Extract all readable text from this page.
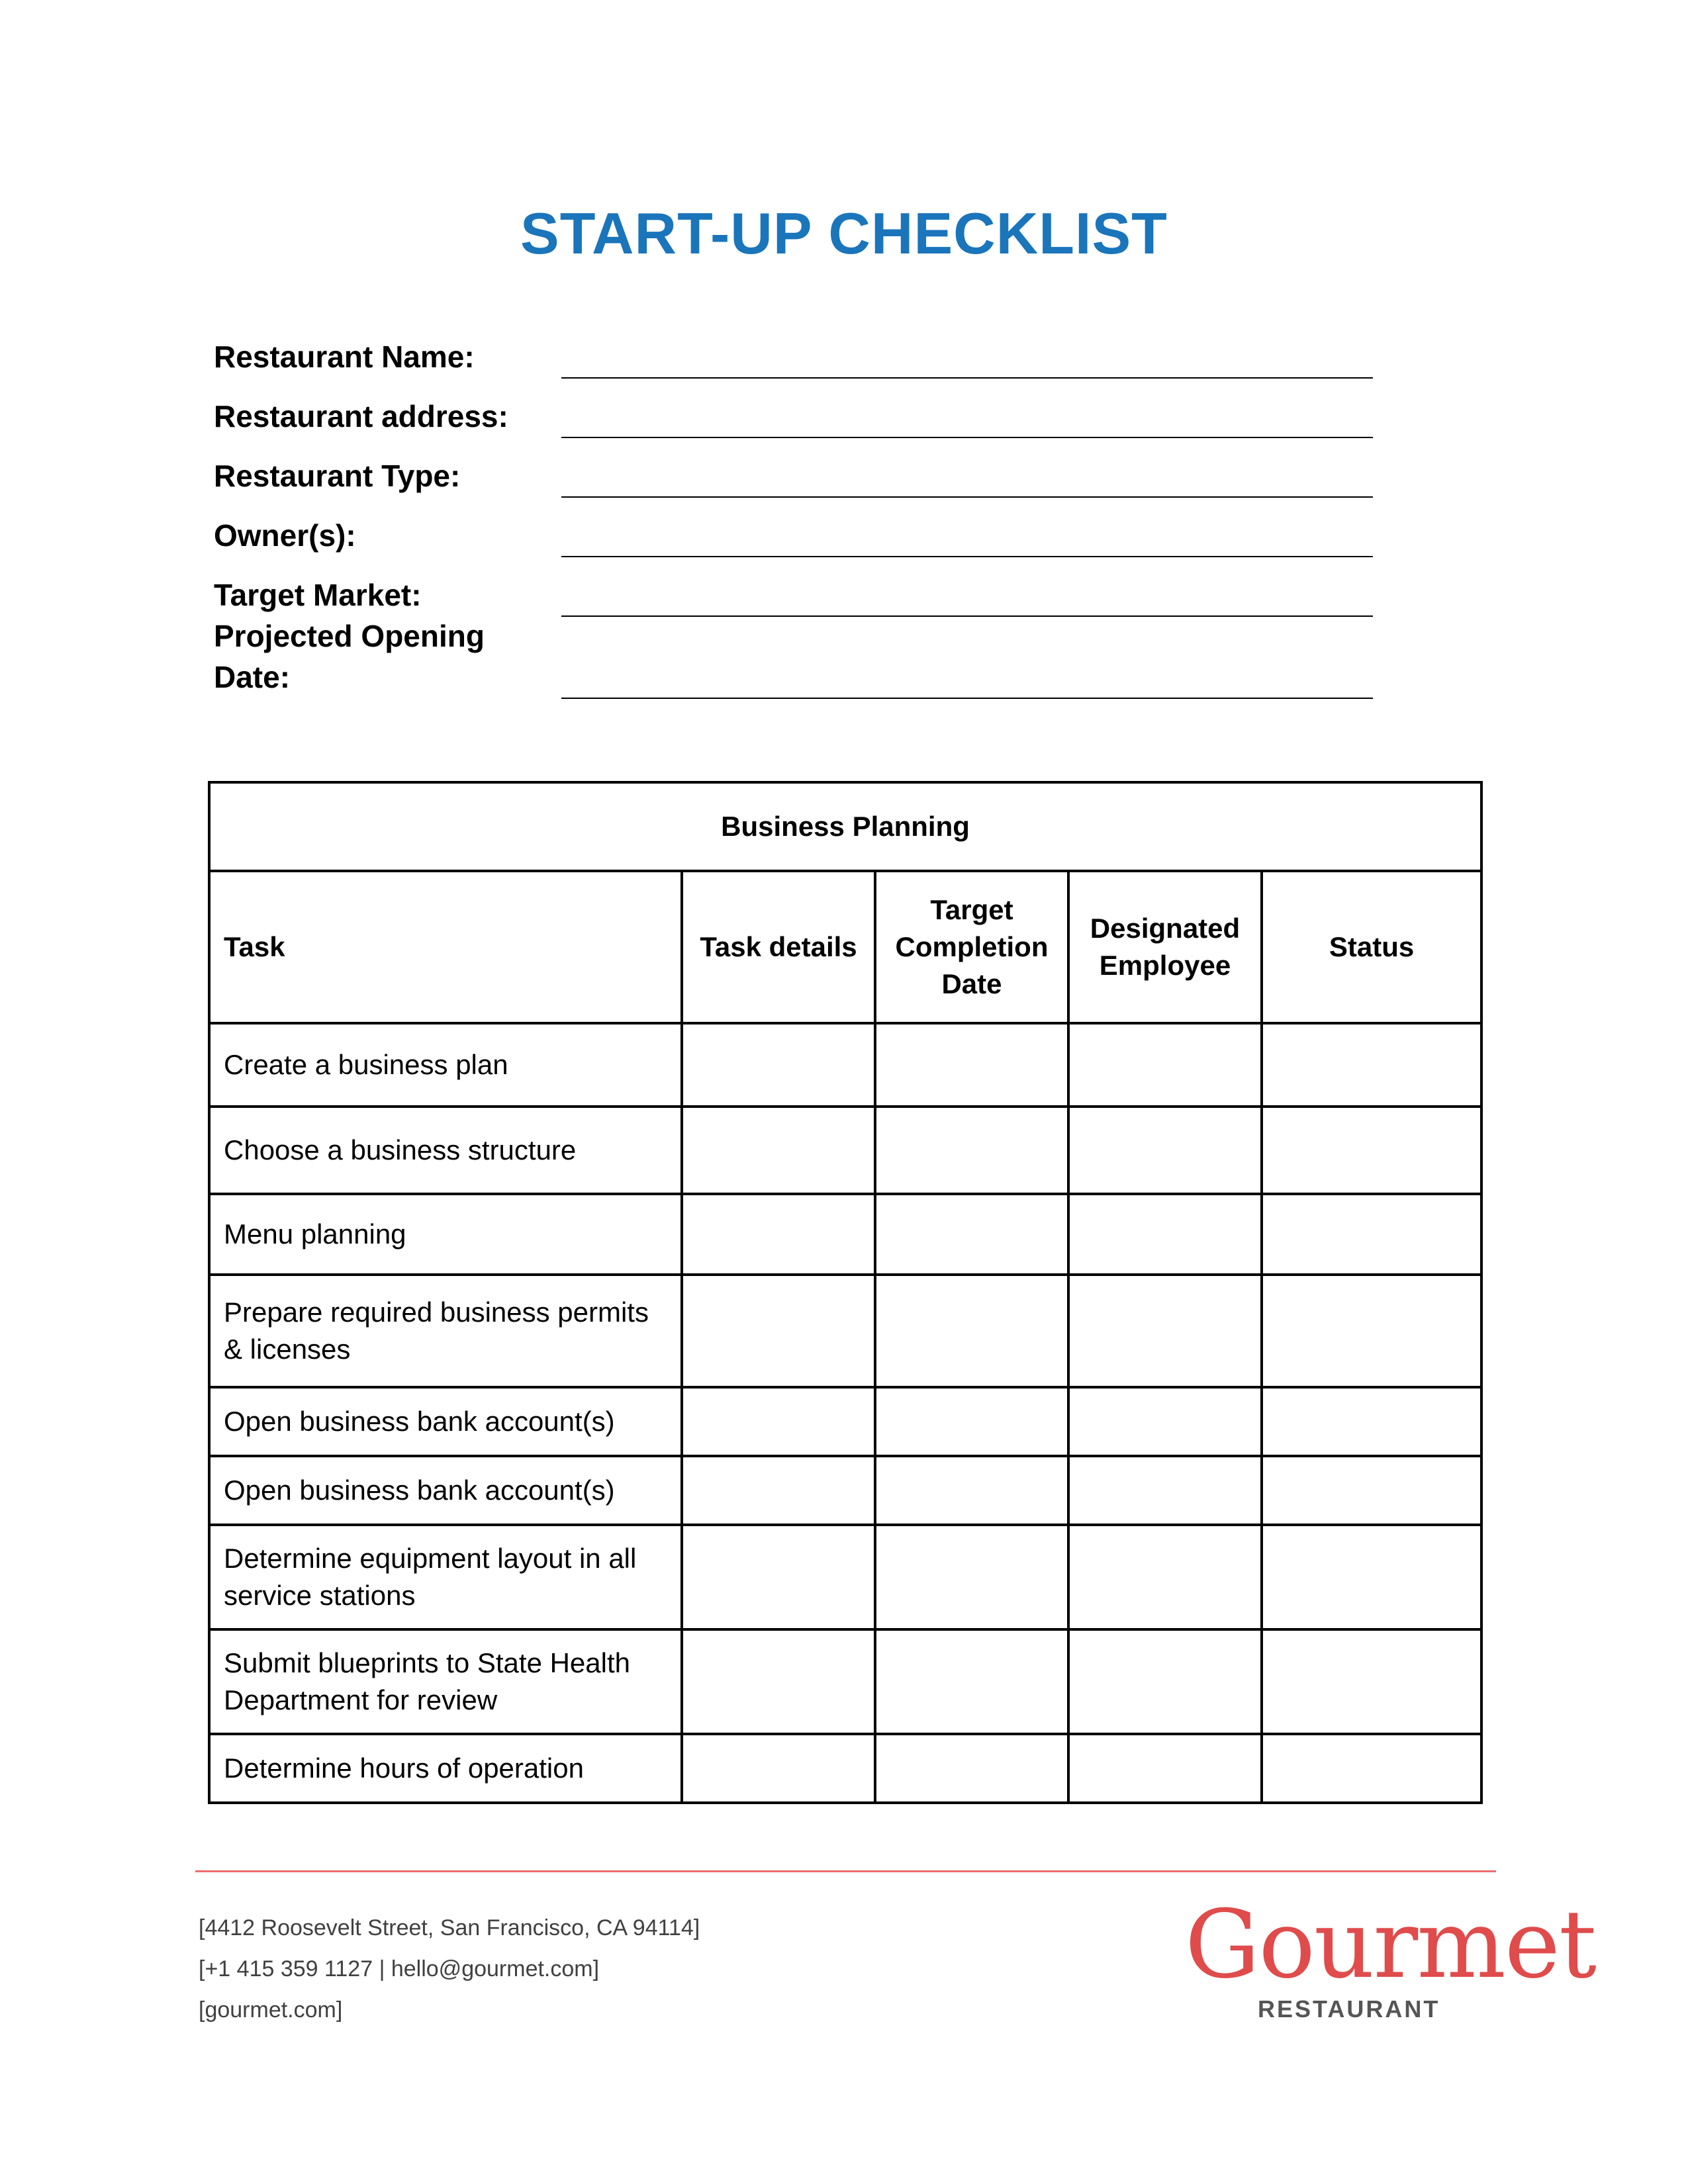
START-UP CHECKLIST
Restaurant Name:
Restaurant address:
Restaurant Type:
Owner(s):
Target Market:
Projected Opening Date:
Business Planning				
Task	Task details	Target Completion Date	Designated Employee	Status
Create a business plan				
Choose a business structure				
Menu planning				
Prepare required business permits & licenses				
Open business bank account(s)				
Open business bank account(s)				
Determine equipment layout in all service stations				
Submit blueprints to State Health Department for review				
Determine hours of operation				
[4412 Roosevelt Street, San Francisco, CA 94114]
[+1 415 359 1127 | hello@gourmet.com]
[gourmet.com]
Gourmet
RESTAURANT
